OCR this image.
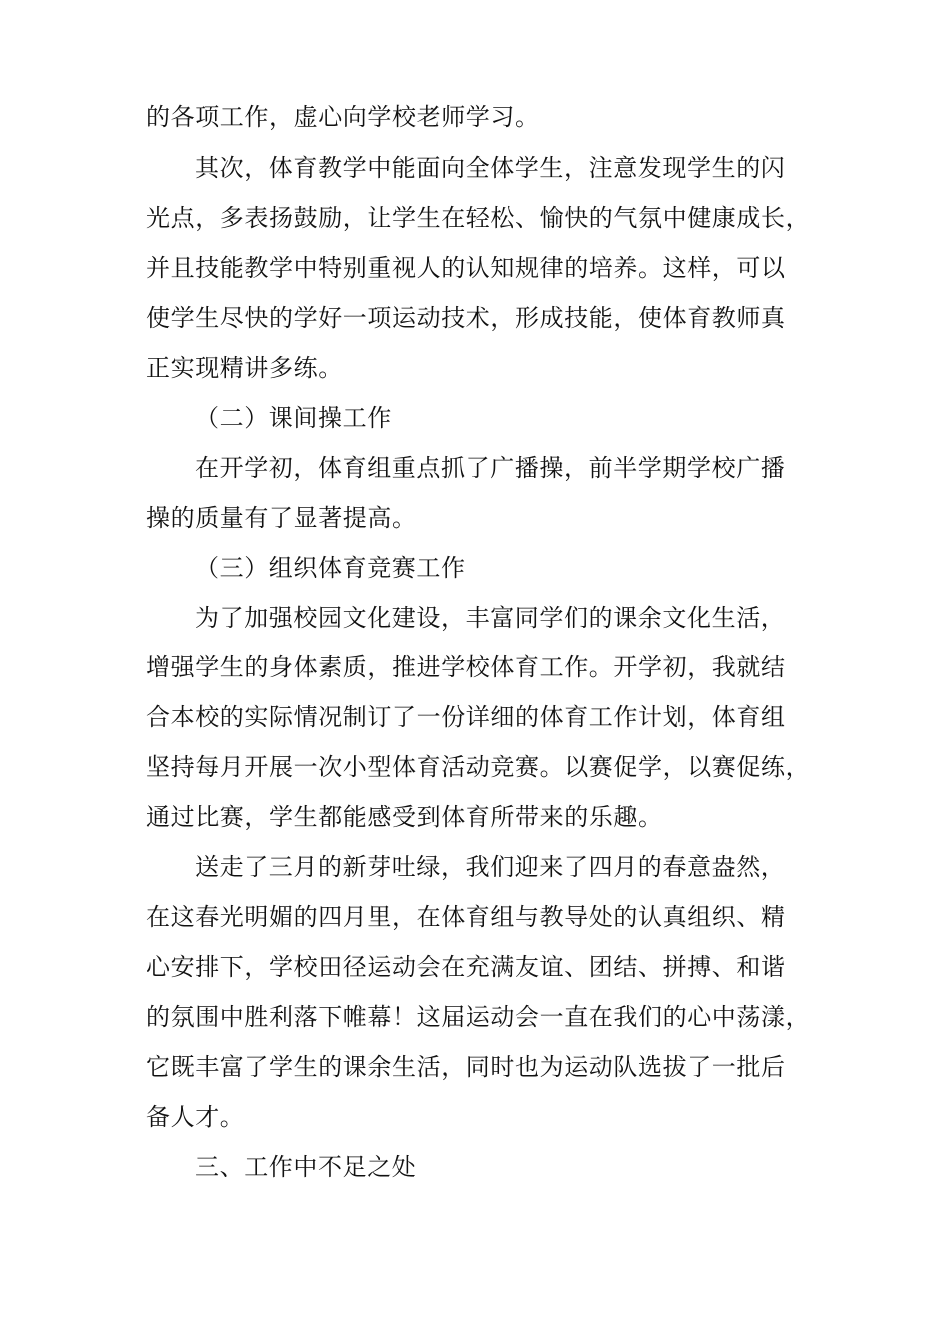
的各项工作，虚心向学校老师学习。
其次，体育教学中能面向全体学生，注意发现学生的闪
光点，多表扬鼓励，让学生在轻松、愉快的气氛中健康成长，
并且技能教学中特别重视人的认知规律的培养。这样，可以
使学生尽快的学好一项运动技术，形成技能，使体育教师真
正实现精讲多练。
（二）课间操工作
在开学初，体育组重点抓了广播操，前半学期学校广播
操的质量有了显著提高。
（三）组织体育竞赛工作
为了加强校园文化建设，丰富同学们的课余文化生活，
增强学生的身体素质，推进学校体育工作。开学初，我就结
合本校的实际情况制订了一份详细的体育工作计划，体育组
坚持每月开展一次小型体育活动竞赛。以赛促学，以赛促练，
通过比赛，学生都能感受到体育所带来的乐趣。
送走了三月的新芽吐绿，我们迎来了四月的春意盎然，
在这春光明媚的四月里，在体育组与教导处的认真组织、精
心安排下，学校田径运动会在充满友谊、团结、拼搏、和谐
的氛围中胜利落下帷幕！这届运动会一直在我们的心中荡漾，
它既丰富了学生的课余生活，同时也为运动队选拔了一批后
备人才。
三、工作中不足之处
